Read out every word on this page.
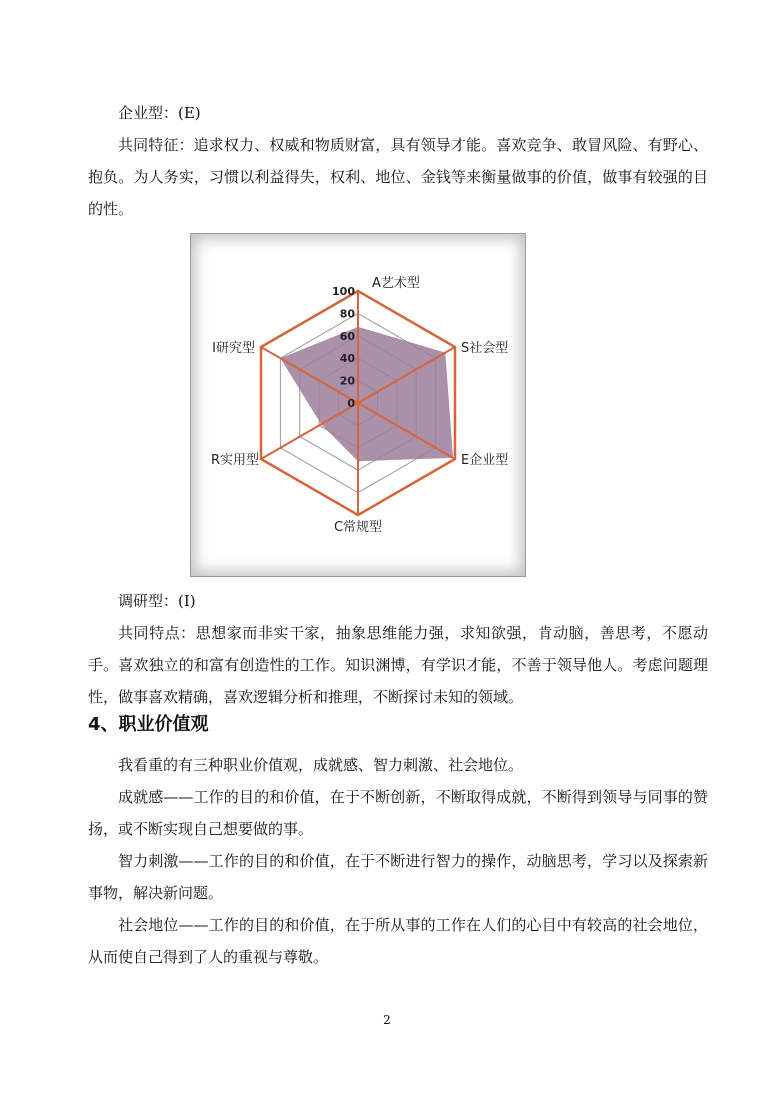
企业型：(E)

共同特征：追求权力、权威和物质财富，具有领导才能。喜欢竞争、敢冒风险、有野心、抱负。为人务实，习惯以利益得失，权利、地位、金钱等来衡量做事的价值，做事有较强的目的性。

0
20
40
60
80
100
A艺术型
S社会型
E企业型
C常规型
R实用型
I研究型

调研型：(I)

共同特点：思想家而非实干家，抽象思维能力强，求知欲强，肯动脑，善思考，不愿动手。喜欢独立的和富有创造性的工作。知识渊博，有学识才能，不善于领导他人。考虑问题理性，做事喜欢精确，喜欢逻辑分析和推理，不断探讨未知的领域。

4、职业价值观

我看重的有三种职业价值观，成就感、智力刺激、社会地位。

成就感——工作的目的和价值，在于不断创新，不断取得成就，不断得到领导与同事的赞扬，或不断实现自己想要做的事。

智力刺激——工作的目的和价值，在于不断进行智力的操作，动脑思考，学习以及探索新事物，解决新问题。

社会地位——工作的目的和价值，在于所从事的工作在人们的心目中有较高的社会地位，从而使自己得到了人的重视与尊敬。

2
